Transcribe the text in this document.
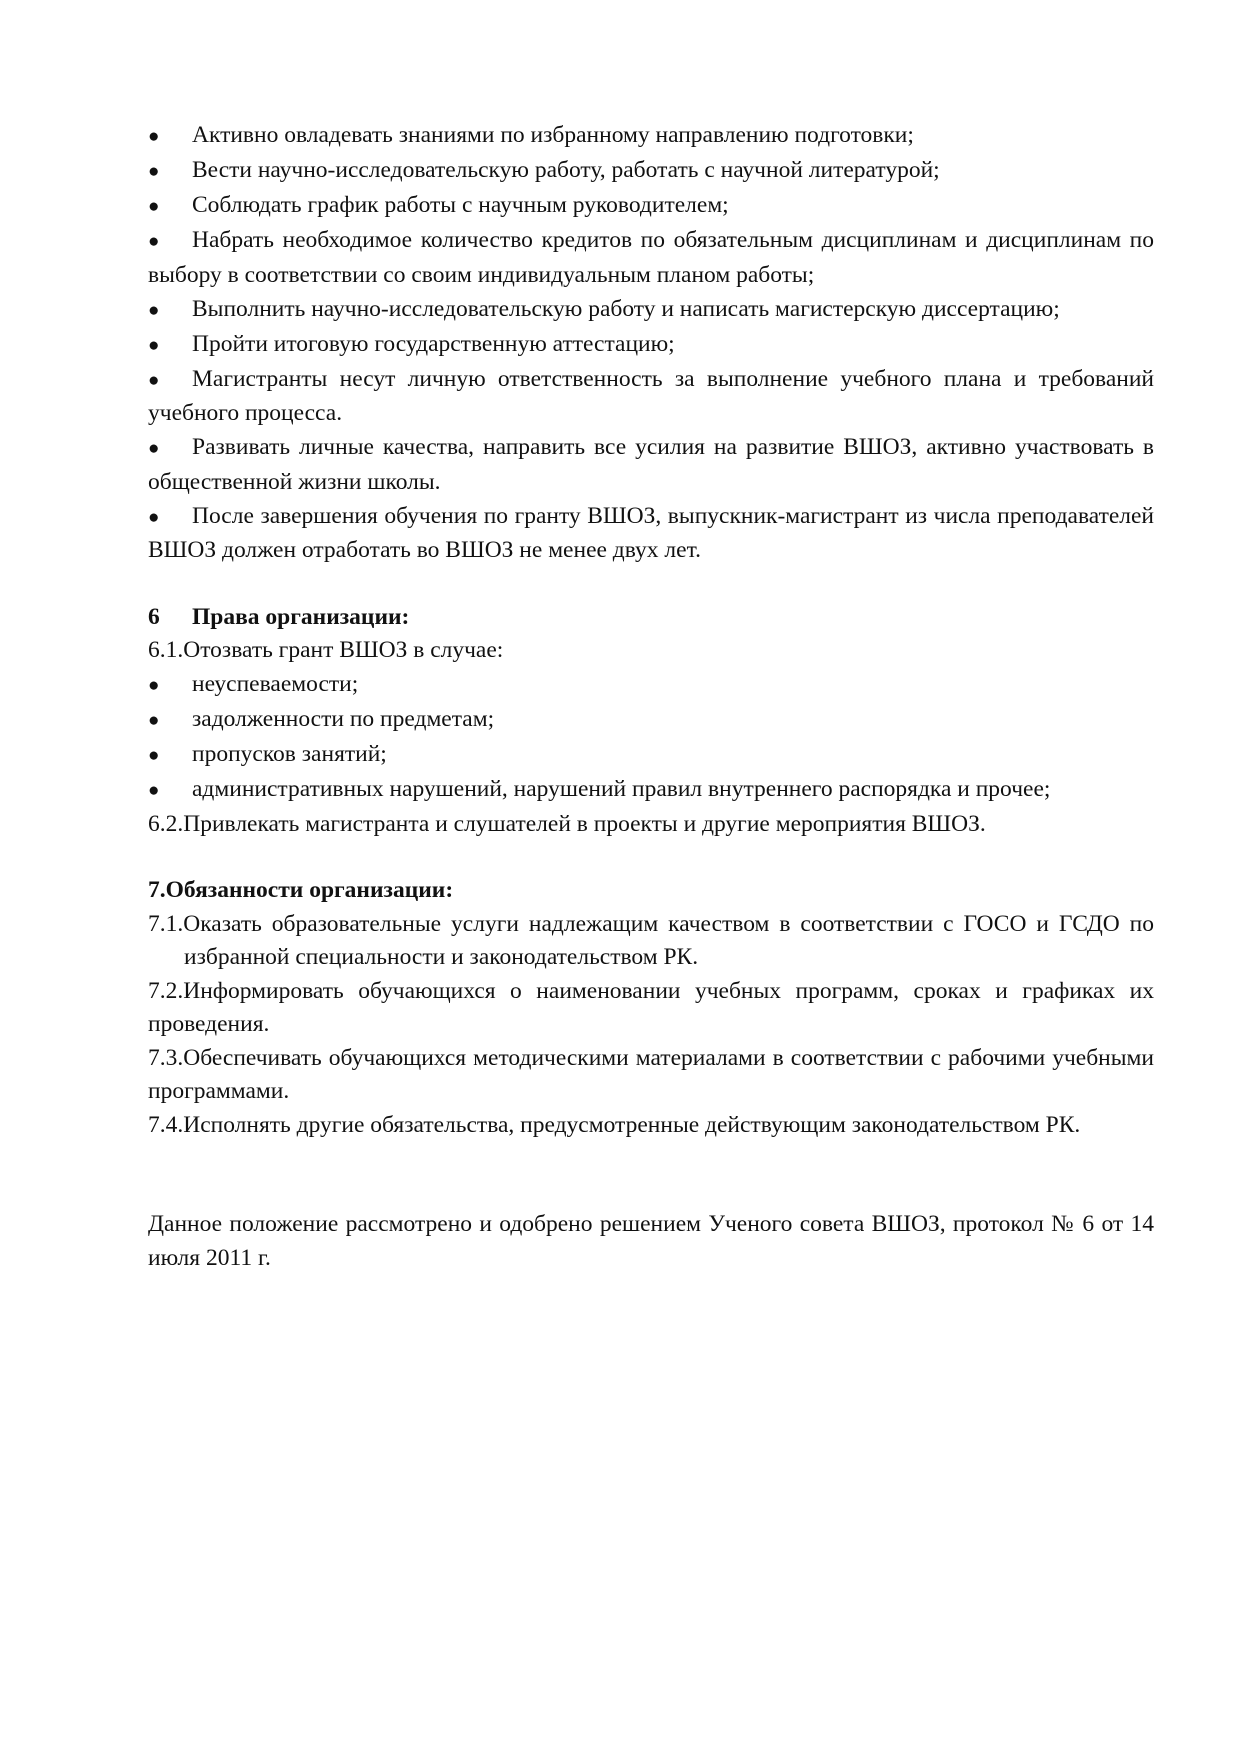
● Активно овладевать знаниями по избранному направлению подготовки;

● Вести научно-исследовательскую работу, работать с научной литературой;

● Соблюдать график работы с научным руководителем;

● Набрать необходимое количество кредитов по обязательным дисциплинам и дисциплинам по выбору в соответствии со своим индивидуальным планом работы;

● Выполнить научно-исследовательскую работу и написать магистерскую диссертацию;

● Пройти итоговую государственную аттестацию;

● Магистранты несут личную ответственность за выполнение учебного плана и требований учебного процесса.

● Развивать личные качества, направить все усилия на развитие ВШОЗ, активно участвовать в общественной жизни школы.

● После завершения обучения по гранту ВШОЗ, выпускник-магистрант из числа преподавателей ВШОЗ должен отработать во ВШОЗ не менее двух лет.

6 Права организации:

6.1.Отозвать грант ВШОЗ в случае:

● неуспеваемости;

● задолженности по предметам;

● пропусков занятий;

● административных нарушений, нарушений правил внутреннего распорядка и прочее;

6.2.Привлекать магистранта и слушателей в проекты и другие мероприятия ВШОЗ.

7.Обязанности организации:

7.1.Оказать образовательные услуги надлежащим качеством в соответствии с ГОСО и ГСДО по избранной специальности и законодательством РК.

7.2.Информировать обучающихся о наименовании учебных программ, сроках и графиках их проведения.

7.3.Обеспечивать обучающихся методическими материалами в соответствии с рабочими учебными программами.

7.4.Исполнять другие обязательства, предусмотренные действующим законодательством РК.

Данное положение рассмотрено и одобрено решением Ученого совета ВШОЗ, протокол № 6 от 14 июля 2011 г.
